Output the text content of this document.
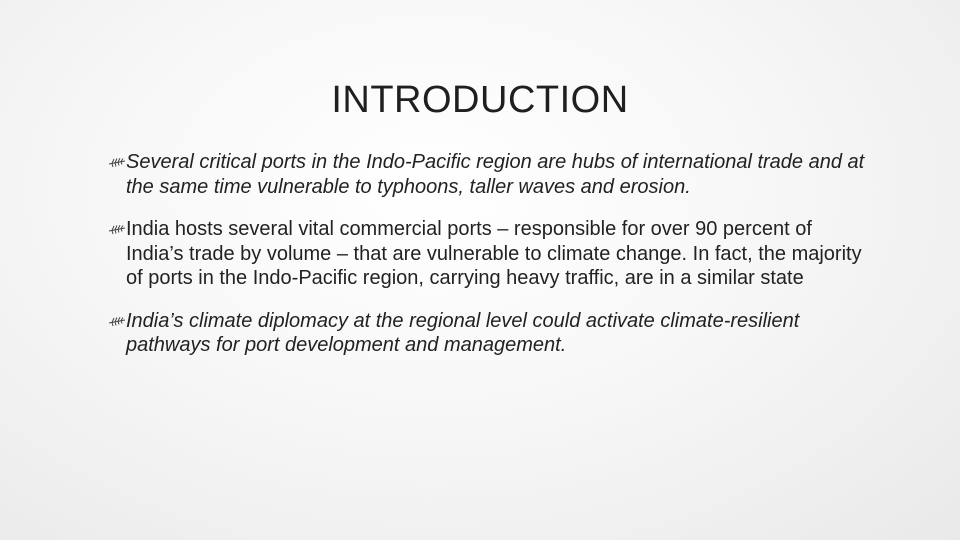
INTRODUCTION
Several critical ports in the Indo-Pacific region are hubs of international trade and at the same time vulnerable to typhoons, taller waves and erosion.
India hosts several vital commercial ports – responsible for over 90 percent of India’s trade by volume – that are vulnerable to climate change. In fact, the majority of ports in the Indo-Pacific region, carrying heavy traffic, are in a similar state
India’s climate diplomacy at the regional level could activate climate-resilient pathways for port development and management.
